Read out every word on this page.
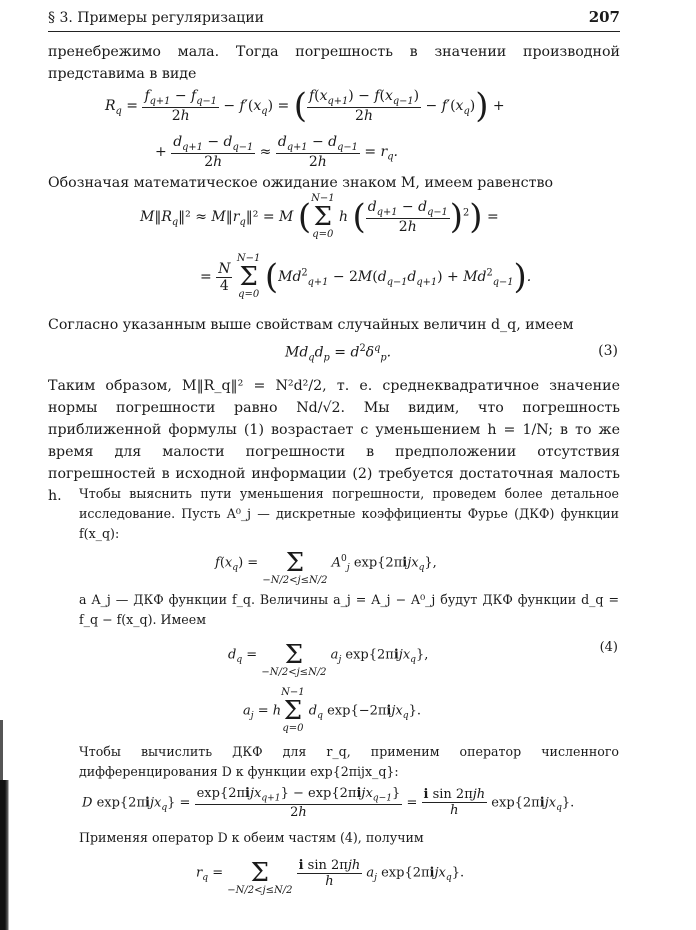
§ 3. Примеры регуляризации	207
пренебрежимо мала. Тогда погрешность в значении производной представима в виде
$R_q = \frac{f_{q+1} - f_{q-1}}{2h} - f'(x_q)$ = ( $\frac{f(x_{q+1}) - f(x_{q-1})}{2h} - f'(x_q)$) +
+ $\frac{d_{q+1} - d_{q-1}}{2h} \approx \frac{d_{q+1} - d_{q-1}}{2h} = r_q$.
Обозначая математическое ожидание знаком M, имеем равенство
$M‖R_q‖^2$ ≈ $M‖r_q‖^2 = M$ ( N−1
Σ
q=0
h ( $\frac{d_{q+1} - d_{q-1}}{2h} )^2$) =
= $\frac{N}{4}$

N−1
Σ
q=0 $(Md^2_{q+1} - 2M(d_{q-1}d_{q+1}) + Md^2_{q-1})$.
Согласно указанным выше свойствам случайных величин d_q, имеем
$Md_qd_p = d^2\delta^q_p$.	(3)
Таким образом, M‖R_q‖² = N²d²/2, т. е. среднеквадратичное значение нормы погрешности равно Nd/√2. Мы видим, что погрешность приближенной формулы (1) возрастает с уменьшением h = 1/N; в то же время для малости погрешности в предположении отсутствия погрешностей в исходной информации (2) требуется достаточная малость h.	Чтобы выяснить пути уменьшения погрешности, проведем более детальное исследование. Пусть A⁰_j — дискретные коэффициенты Фурье (ДКФ) функции f(x_q):
$f(x_q)$ =
	Σ
−N/2<j≤N/2
$A^0_j$ exp{2πijx$_q$},
а A_j — ДКФ функции f_q. Величины a_j = A_j − A⁰_j будут ДКФ функции d_q = f_q − f(x_q). Имеем
$d_q$ =
	Σ
−N/2<j≤N/2
$a_j$ exp{2πijx$_q$},	(4)
$a_j = h$
N−1
Σ
q=0
$d_q$ exp{−2πijx$_q$}.
Чтобы вычислить ДКФ для r_q, применим оператор численного дифференцирования D к функции exp{2πijx_q}:
D $\exp\{2\pi ijx_q\} = \frac{\exp\{2\pi ijx_{q+1}\} - \exp\{2\pi ijx_{q-1}\}}{2h} = \frac{\text{i sin 2πjh}}{h} \exp\{2\pi ijx_q\}$.
Применяя оператор D к обеим частям (4), получим
$r_q$ =
	Σ
−N/2<j≤N/2

$\frac{\text{i sin 2πjh}}{h} a_j$ exp{2πijx$_q$}.
